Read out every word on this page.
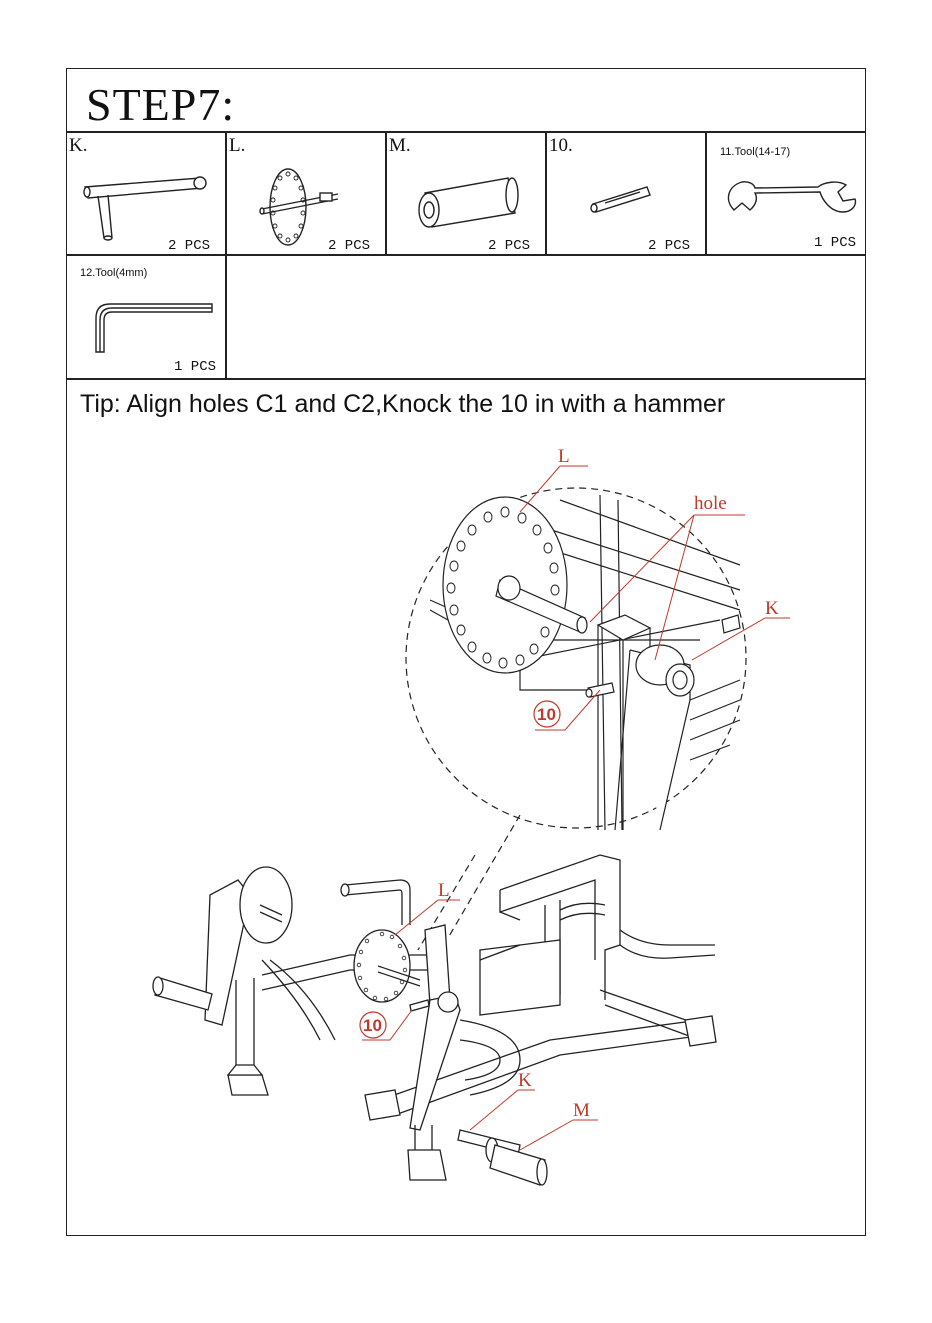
STEP7:
K.
2 PCS
L.
2 PCS
M.
2 PCS
10.
2 PCS
11.Tool(14-17)
1 PCS
12.Tool(4mm)
1 PCS
Tip: Align holes C1 and C2,Knock the 10 in with a hammer
L
hole
K
10
L
10
K
M
